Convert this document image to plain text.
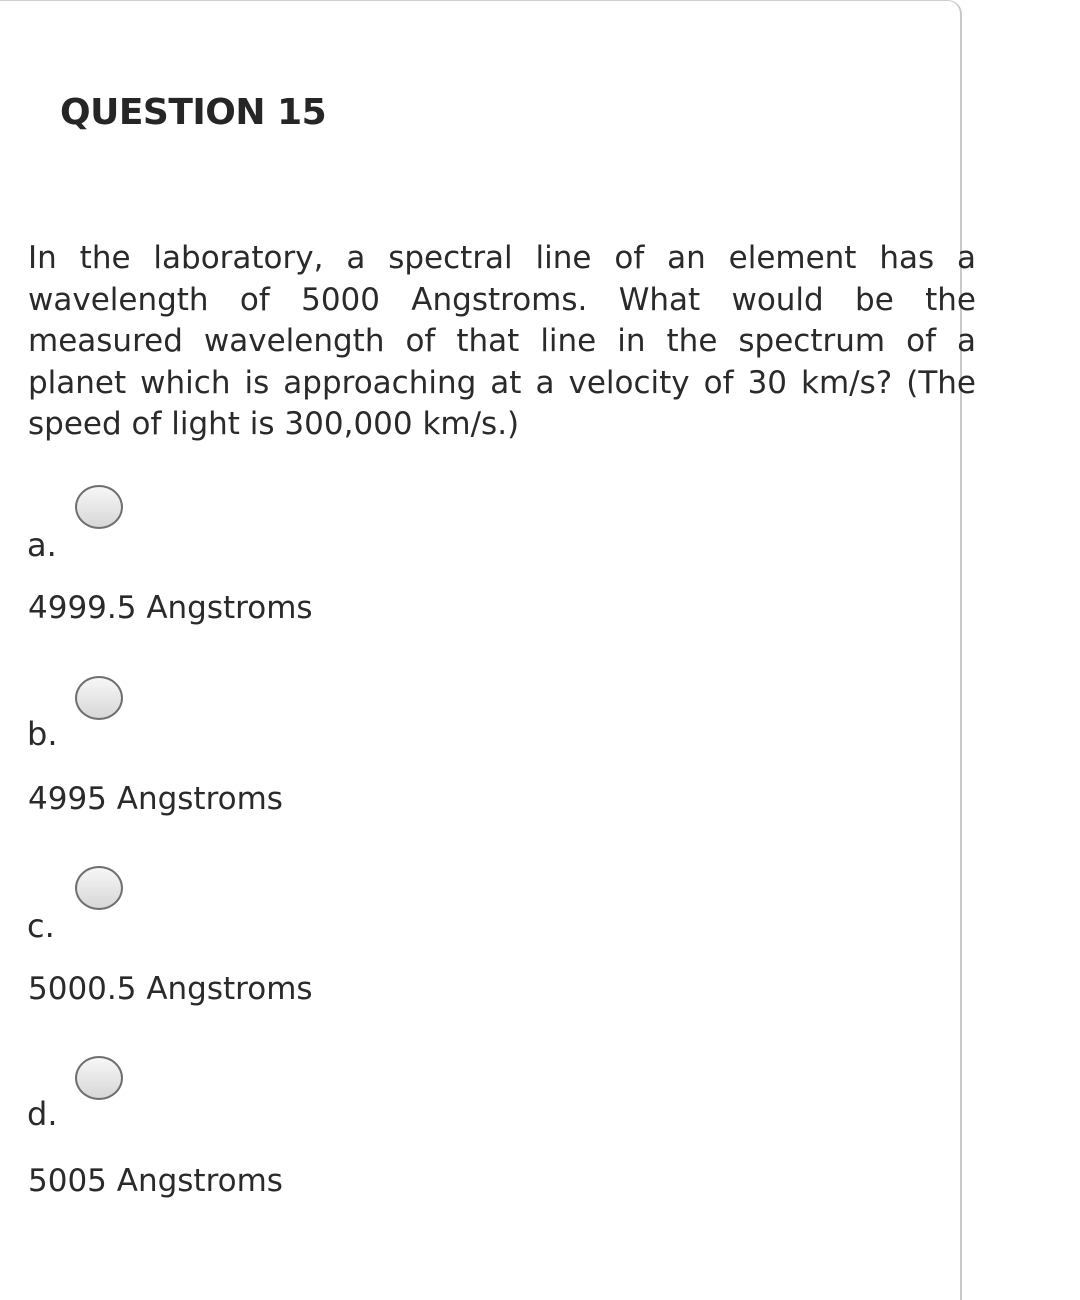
QUESTION 15

In the laboratory, a spectral line of an element has a wavelength of 5000 Angstroms. What would be the measured wavelength of that line in the spectrum of a planet which is approaching at a velocity of 30 km/s? (The speed of light is 300,000 km/s.)

a.
4999.5 Angstroms
b.
4995 Angstroms
c.
5000.5 Angstroms
d.
5005 Angstroms
